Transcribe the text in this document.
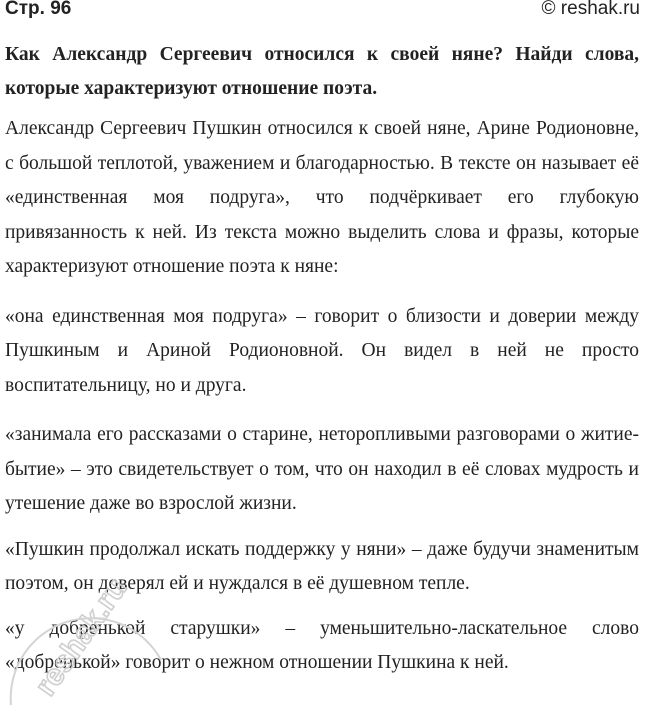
Стр. 96	© reshak.ru

Как Александр Сергеевич относился к своей няне? Найди слова, которые характеризуют отношение поэта.

Александр Сергеевич Пушкин относился к своей няне, Арине Родионовне, с большой теплотой, уважением и благодарностью. В тексте он называет её «единственная моя подруга», что подчёркивает его глубокую привязанность к ней. Из текста можно выделить слова и фразы, которые характеризуют отношение поэта к няне:

«она единственная моя подруга» – говорит о близости и доверии между Пушкиным и Ариной Родионовной. Он видел в ней не просто воспитательницу, но и друга.

«занимала его рассказами о старине, неторопливыми разговорами о житие-бытие» – это свидетельствует о том, что он находил в её словах мудрость и утешение даже во взрослой жизни.

«Пушкин продолжал искать поддержку у няни» – даже будучи знаменитым поэтом, он доверял ей и нуждался в её душевном тепле.

«у добренькой старушки» – уменьшительно-ласкательное слово «добренькой» говорит о нежном отношении Пушкина к ней.

reshak.ru
